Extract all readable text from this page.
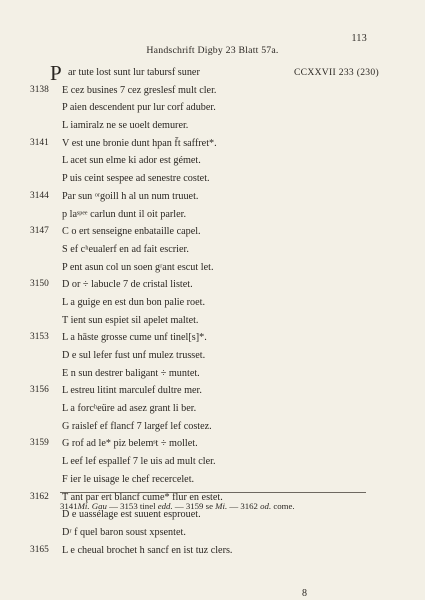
113
Handschrift Digby 23 Blatt 57a.
P	CCXXVII 233 (230)
ar tute lost sunt lur tabursf suner
3138	E cez busines 7 cez greslesf mult cler.
P aien descendent pur lur corf aduber.
L iamiralz ne se uoelt demurer.
3141	V est une bronie dunt hpan f̄t saffret*.
L acet sun elme ki ador est gémet.
P uis ceint sespee ad senestre costet.
3144	Par sun ᵒʳgoill h al un num truuet.
p laˢᵖᵉᵉ carlun dunt il oit parler.
3147	C o ert senseigne enbataille capel.
S ef cʰeualerf en ad fait escrier.
P ent asun col un soen gʳant escut let.
3150	D or ÷ labucle 7 de cristal listet.
L a guige en est dun bon palie roet.
T ient sun espiet sil apelet maltet.
3153	L a hāste grosse cume unf tinel[s]*.
D e sul lefer fust unf mulez trusset.
E n sun destrer baligant ÷ muntet.
3156	L estreu litint marculef dultre mer.
L a forcʰeüre ad asez grant li ber.
G raislef ef flancf 7 largef lef costez.
3159	G rof ad le* piz belemˢt ÷ mollet.
L eef lef espallef 7 le uis ad mult cler.
F ier le uisage le chef recercelet.
3162	T ant par ert blancf cume* flur en estet.
D e uassélage est suuent esprouet.
Dʳ f quel baron soust xpsentet.
3165	L e cheual brochet h sancf en ist tuz clers.
3141Mi. Gau — 3153 tinel edd. — 3159 se Mi. — 3162 od. come.
8
